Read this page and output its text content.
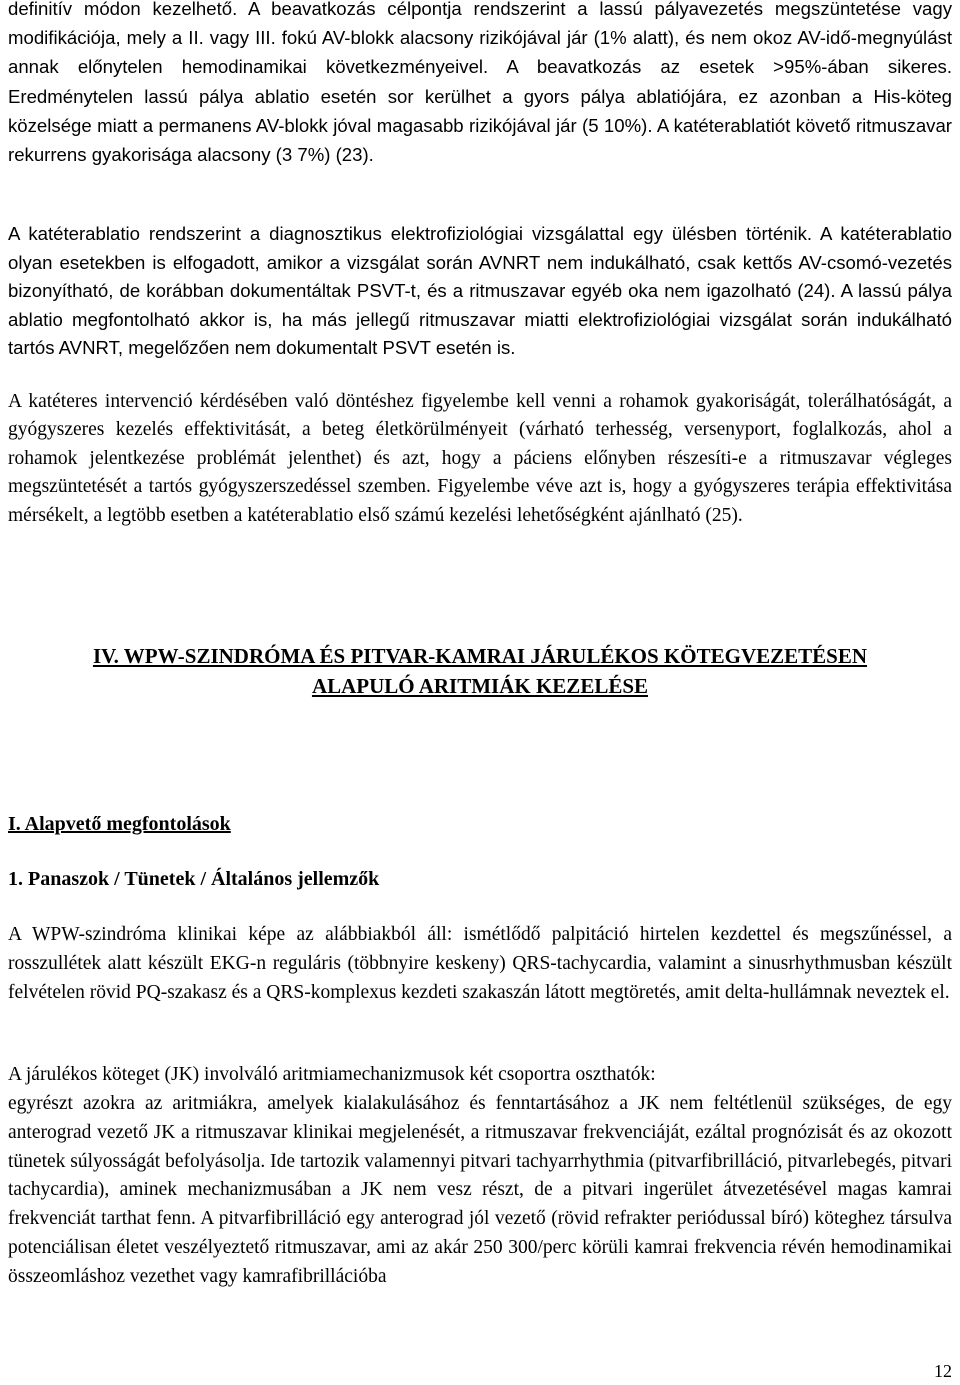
definitív módon kezelhető. A beavatkozás célpontja rendszerint a lassú pályavezetés megszüntetése vagy modifikációja, mely a II. vagy III. fokú AV-blokk alacsony rizikójával jár (1% alatt), és nem okoz AV-idő-megnyúlást annak előnytelen hemodinamikai következményeivel. A beavatkozás az esetek >95%-ában sikeres. Eredménytelen lassú pálya ablatio esetén sor kerülhet a gyors pálya ablatiójára, ez azonban a His-köteg közelsége miatt a permanens AV-blokk jóval magasabb rizikójával jár (5 10%). A katéterablatiót követő ritmuszavar rekurrens gyakorisága alacsony (3 7%) (23).

A katéterablatio rendszerint a diagnosztikus elektrofiziológiai vizsgálattal egy ülésben történik. A katéterablatio olyan esetekben is elfogadott, amikor a vizsgálat során AVNRT nem indukálható, csak kettős AV-csomó-vezetés bizonyítható, de korábban dokumentáltak PSVT-t, és a ritmuszavar egyéb oka nem igazolható (24). A lassú pálya ablatio megfontolható akkor is, ha más jellegű ritmuszavar miatti elektrofiziológiai vizsgálat során indukálható tartós AVNRT, megelőzően nem dokumentalt PSVT esetén is.

A katéteres intervenció kérdésében való döntéshez figyelembe kell venni a rohamok gyakoriságát, tolerálhatóságát, a gyógyszeres kezelés effektivitását, a beteg életkörülményeit (várható terhesség, versenyport, foglalkozás, ahol a rohamok jelentkezése problémát jelenthet) és azt, hogy a páciens előnyben részesíti-e a ritmuszavar végleges megszüntetését a tartós gyógyszerszedéssel szemben. Figyelembe véve azt is, hogy a gyógyszeres terápia effektivitása mérsékelt, a legtöbb esetben a katéterablatio első számú kezelési lehetőségként ajánlható (25).

IV. WPW-SZINDRÓMA ÉS PITVAR-KAMRAI JÁRULÉKOS KÖTEGVEZETÉSEN
ALAPULÓ ARITMIÁK KEZELÉSE
I. Alapvető megfontolások
1. Panaszok / Tünetek / Általános jellemzők

A WPW-szindróma klinikai képe az alábbiakból áll: ismétlődő palpitáció hirtelen kezdettel és megszűnéssel, a rosszullétek alatt készült EKG-n reguláris (többnyire keskeny) QRS-tachycardia, valamint a sinusrhythmusban készült felvételen rövid PQ-szakasz és a QRS-komplexus kezdeti szakaszán látott megtöretés, amit delta-hullámnak neveztek el.

A járulékos köteget (JK) involváló aritmiamechanizmusok két csoportra oszthatók:

egyrészt azokra az aritmiákra, amelyek kialakulásához és fenntartásához a JK nem feltétlenül szükséges, de egy anterograd vezető JK a ritmuszavar klinikai megjelenését, a ritmuszavar frekvenciáját, ezáltal prognózisát és az okozott tünetek súlyosságát befolyásolja. Ide tartozik valamennyi pitvari tachyarrhythmia (pitvarfibrilláció, pitvarlebegés, pitvari tachycardia), aminek mechanizmusában a JK nem vesz részt, de a pitvari ingerület átvezetésével magas kamrai frekvenciát tarthat fenn. A pitvarfibrilláció egy anterograd jól vezető (rövid refrakter periódussal bíró) köteghez társulva potenciálisan életet veszélyeztető ritmuszavar, ami az akár 250 300/perc körüli kamrai frekvencia révén hemodinamikai összeomláshoz vezethet vagy kamrafibrillációba

12
